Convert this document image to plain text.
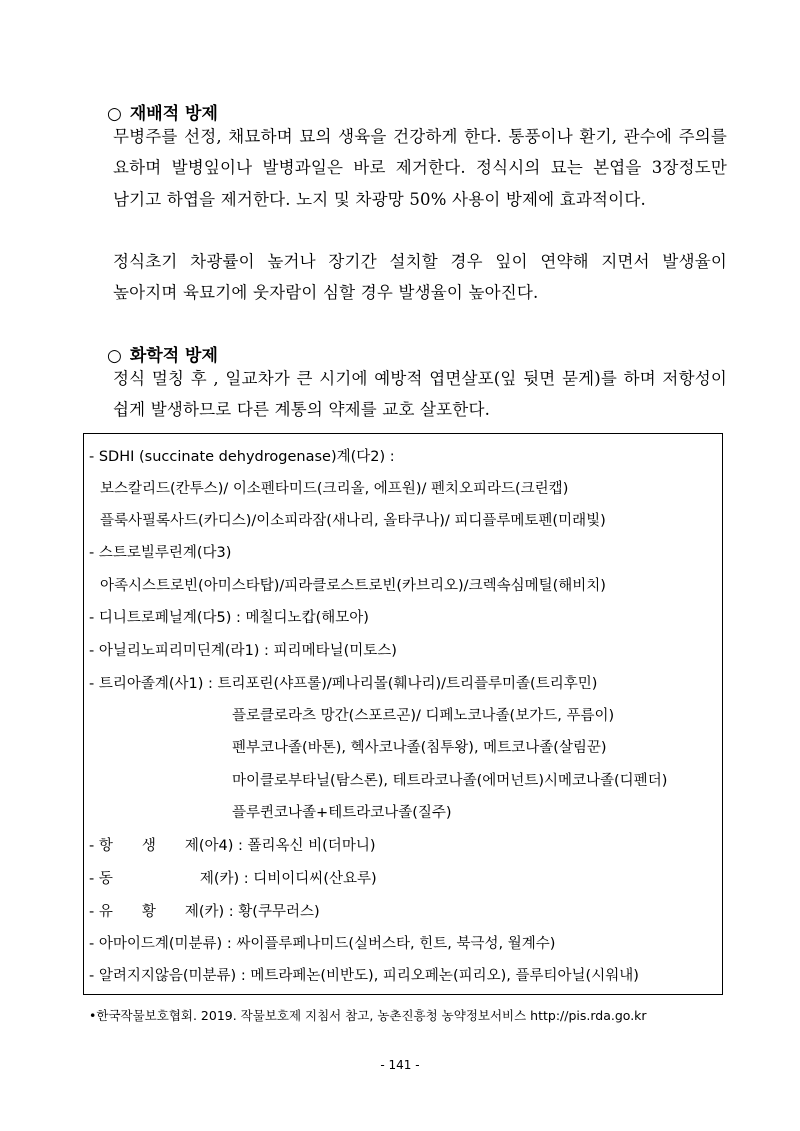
○ 재배적 방제
무병주를 선정, 채묘하며 묘의 생육을 건강하게 한다. 통풍이나 환기, 관수에 주의를 요하며 발병잎이나 발병과일은 바로 제거한다. 정식시의 묘는 본엽을 3장정도만 남기고 하엽을 제거한다. 노지 및 차광망 50% 사용이 방제에 효과적이다.
정식초기 차광률이 높거나 장기간 설치할 경우 잎이 연약해 지면서 발생율이 높아지며 육묘기에 웃자람이 심할 경우 발생율이 높아진다.
○ 화학적 방제
정식 멀칭 후 , 일교차가 큰 시기에 예방적 엽면살포(잎 뒷면 묻게)를 하며 저항성이 쉽게 발생하므로 다른 계통의 약제를 교호 살포한다.
- SDHI (succinate dehydrogenase)계(다2) :
보스칼리드(칸투스)/ 이소펜타미드(크리올, 에프원)/ 펜치오피라드(크린캡)
플룩사필록사드(카디스)/이소피라잠(새나리, 올타쿠나)/ 피디플루메토펜(미래빛)
- 스트로빌루린계(다3)
아족시스트로빈(아미스타탑)/피라클로스트로빈(카브리오)/크렉속심메틸(해비치)
- 디니트로페닐계(다5) : 메칠디노캅(해모아)
- 아닐리노피리미딘계(라1) : 피리메타닐(미토스)
- 트리아졸계(사1) : 트리포린(샤프롤)/페나리몰(훼나리)/트리플루미졸(트리후민)
플로클로라츠 망간(스포르곤)/ 디페노코나졸(보가드, 푸름이)
펜부코나졸(바톤), 헥사코나졸(침투왕), 메트코나졸(살림꾼)
마이클로부타닐(탐스론), 테트라코나졸(에머넌트)시메코나졸(디펜더)
플루퀸코나졸+테트라코나졸(질주)
- 항　　생　　제(아4) : 폴리옥신 비(더마니)
- 동　　　　　　제(카) : 디비이디씨(산요루)
- 유　　황　　제(카) : 황(쿠무러스)
- 아마이드계(미분류) : 싸이플루페나미드(실버스타, 힌트, 북극성, 월계수)
- 알려지지않음(미분류) : 메트라페논(비반도), 피리오페논(피리오), 플루티아닐(시워내)
•한국작물보호협회. 2019. 작물보호제 지침서 참고, 농촌진흥청 농약정보서비스 http://pis.rda.go.kr
- 141 -
